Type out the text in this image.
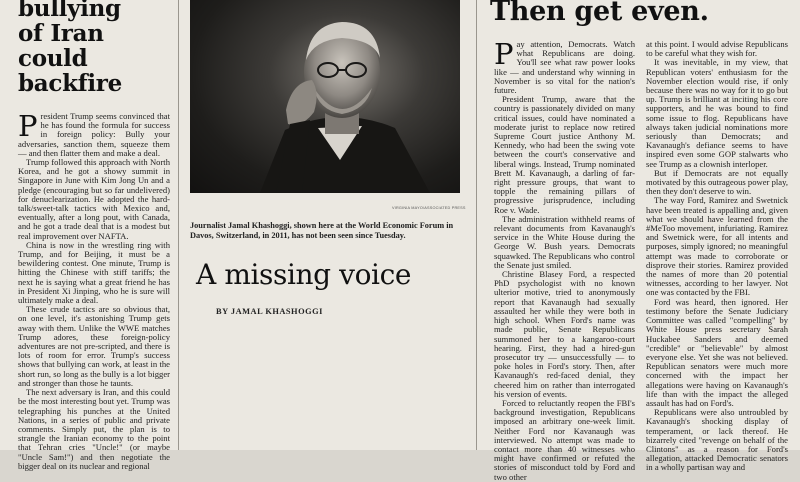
bullying
of Iran
could backfire

P resident Trump seems convinced that he has found the formula for success in foreign policy: Bully your adversaries, sanction them, squeeze them — and then flatter them and make a deal.

Trump followed this approach with North Korea, and he got a showy summit in Singapore in June with Kim Jong Un and a pledge (encouraging but so far undelivered) for denuclearization. He adopted the hard-talk/sweet-talk tactics with Mexico and, eventually, after a long pout, with Canada, and he got a trade deal that is a modest but real improvement over NAFTA.

China is now in the wrestling ring with Trump, and for Beijing, it must be a bewildering contest. One minute, Trump is hitting the Chinese with stiff tariffs; the next he is saying what a great friend he has in President Xi Jinping, who he is sure will ultimately make a deal.

These crude tactics are so obvious that, on one level, it's astonishing Trump gets away with them. Unlike the WWE matches Trump adores, these foreign-policy adventures are not pre-scripted, and there is lots of room for error. Trump's success shows that bullying can work, at least in the short run, so long as the bully is a lot bigger and stronger than those he taunts.

The next adversary is Iran, and this could be the most interesting bout yet. Trump was telegraphing his punches at the United Nations, in a series of public and private comments. Simply put, the plan is to strangle the Iranian economy to the point that Tehran cries "Uncle!" (or maybe "Uncle Sam!") and then negotiate the bigger deal on its nuclear and regional

VIRGINIA MAYO/ASSOCIATED PRESS
Journalist Jamal Khashoggi, shown here at the World Economic Forum in Davos, Switzerland, in 2011, has not been seen since Tuesday.
A missing voice
BY JAMAL KHASHOGGI
Then get even.

P ay attention, Democrats. Watch what Republicans are doing. You'll see what raw power looks like — and understand why winning in November is so vital for the nation's future.

President Trump, aware that the country is passionately divided on many critical issues, could have nominated a moderate jurist to replace now retired Supreme Court justice Anthony M. Kennedy, who had been the swing vote between the court's conservative and liberal wings. Instead, Trump nominated Brett M. Kavanaugh, a darling of far-right pressure groups, that want to topple the remaining pillars of progressive jurisprudence, including Roe v. Wade.

The administration withheld reams of relevant documents from Kavanaugh's service in the White House during the George W. Bush years. Democrats squawked. The Republicans who control the Senate just smiled.

Christine Blasey Ford, a respected PhD psychologist with no known ulterior motive, tried to anonymously report that Kavanaugh had sexually assaulted her while they were both in high school. When Ford's name was made public, Senate Republicans summoned her to a kangaroo-court hearing. First, they had a hired-gun prosecutor try — unsuccessfully — to poke holes in Ford's story. Then, after Kavanaugh's red-faced denial, they cheered him on rather than interrogated his version of events.

Forced to reluctantly reopen the FBI's background investigation, Republicans imposed an arbitrary one-week limit. Neither Ford nor Kavanaugh was interviewed. No attempt was made to contact more than 40 witnesses who might have confirmed or refuted the stories of misconduct told by Ford and two other

at this point. I would advise Republicans to be careful what they wish for.

It was inevitable, in my view, that Republican voters' enthusiasm for the November election would rise, if only because there was no way for it to go but up. Trump is brilliant at inciting his core supporters, and he was bound to find some issue to flog. Republicans have always taken judicial nominations more seriously than Democrats; and Kavanaugh's defiance seems to have inspired even some GOP stalwarts who see Trump as a clownish interloper.

But if Democrats are not equally motivated by this outrageous power play, then they don't deserve to win.

The way Ford, Ramirez and Swetnick have been treated is appalling and, given what we should have learned from the #MeToo movement, infuriating. Ramirez and Swetnick were, for all intents and purposes, simply ignored; no meaningful attempt was made to corroborate or disprove their stories. Ramirez provided the names of more than 20 potential witnesses, according to her lawyer. Not one was contacted by the FBI.

Ford was heard, then ignored. Her testimony before the Senate Judiciary Committee was called "compelling" by White House press secretary Sarah Huckabee Sanders and deemed "credible" or "believable" by almost everyone else. Yet she was not believed. Republican senators were much more concerned with the impact her allegations were having on Kavanaugh's life than with the impact the alleged assault has had on Ford's.

Republicans were also untroubled by Kavanaugh's shocking display of temperament, or lack thereof. He bizarrely cited "revenge on behalf of the Clintons" as a reason for Ford's allegation, attacked Democratic senators in a wholly partisan way and
